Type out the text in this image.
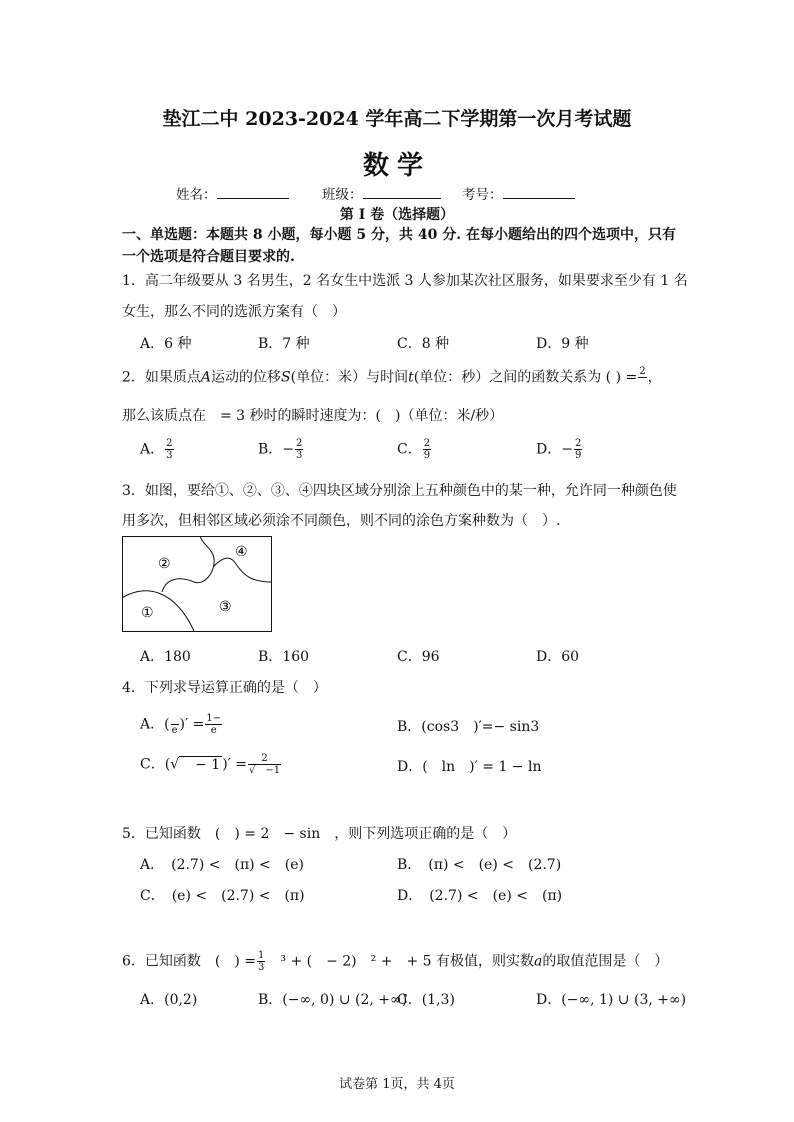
垫江二中 2023-2024 学年高二下学期第一次月考试题
数学
姓名：	班级：	考号：
第 I 卷（选择题）
一、单选题：本题共 8 小题，每小题 5 分，共 40 分. 在每小题给出的四个选项中，只有一个选项是符合题目要求的.
1．高二年级要从 3 名男生，2 名女生中选派 3 人参加某次社区服务，如果要求至少有 1 名
女生，那么不同的选派方案有（　）
A．6 种	B．7 种	C．8 种	D．9 种
2．如果质点A运动的位移S(单位：米）与时间t(单位：秒）之间的函数关系为 ( ) = 2
，
那么该质点在　= 3 秒时的瞬时速度为：(　)（单位：米/秒）
A． $\frac{2}{3}$	B．− $\frac{2}{3}$	C． $\frac{2}{9}$	D．− $\frac{2}{9}$
3．如图，要给①、②、③、④四块区域分别涂上五种颜色中的某一种，允许同一种颜色使
用多次，但相邻区域必须涂不同颜色，则不同的涂色方案种数为（　）.
①
②
③
④
A．180	B．160	C．96	D．60
4．下列求导运算正确的是（　）
A．(
e )′ = $\frac{1-}{e}$	B．(cos3　)′=− sin3
C．(√　− 1 )′ = $\frac{2}{√ -1}$	D．(　ln　)′ = 1 − ln
5．已知函数　(　) = 2　− sin　，则下列选项正确的是（　）
A．　(2.7) <　(π) <　(e)	B．　(π) <　(e) <　(2.7)
C．　(e) <　(2.7) <　(π)	D．　(2.7) <　(e) <　(π)
6．已知函数　(　) = $\frac{1}{3}$ 　³ + (　− 2)　² +　+ 5 有极值，则实数a的取值范围是（　）
A．(0,2)	B．(−∞, 0) ∪ (2, +∞)
C．(1,3)	D．(−∞, 1) ∪ (3, +∞)
试卷第 1页，共 4页
